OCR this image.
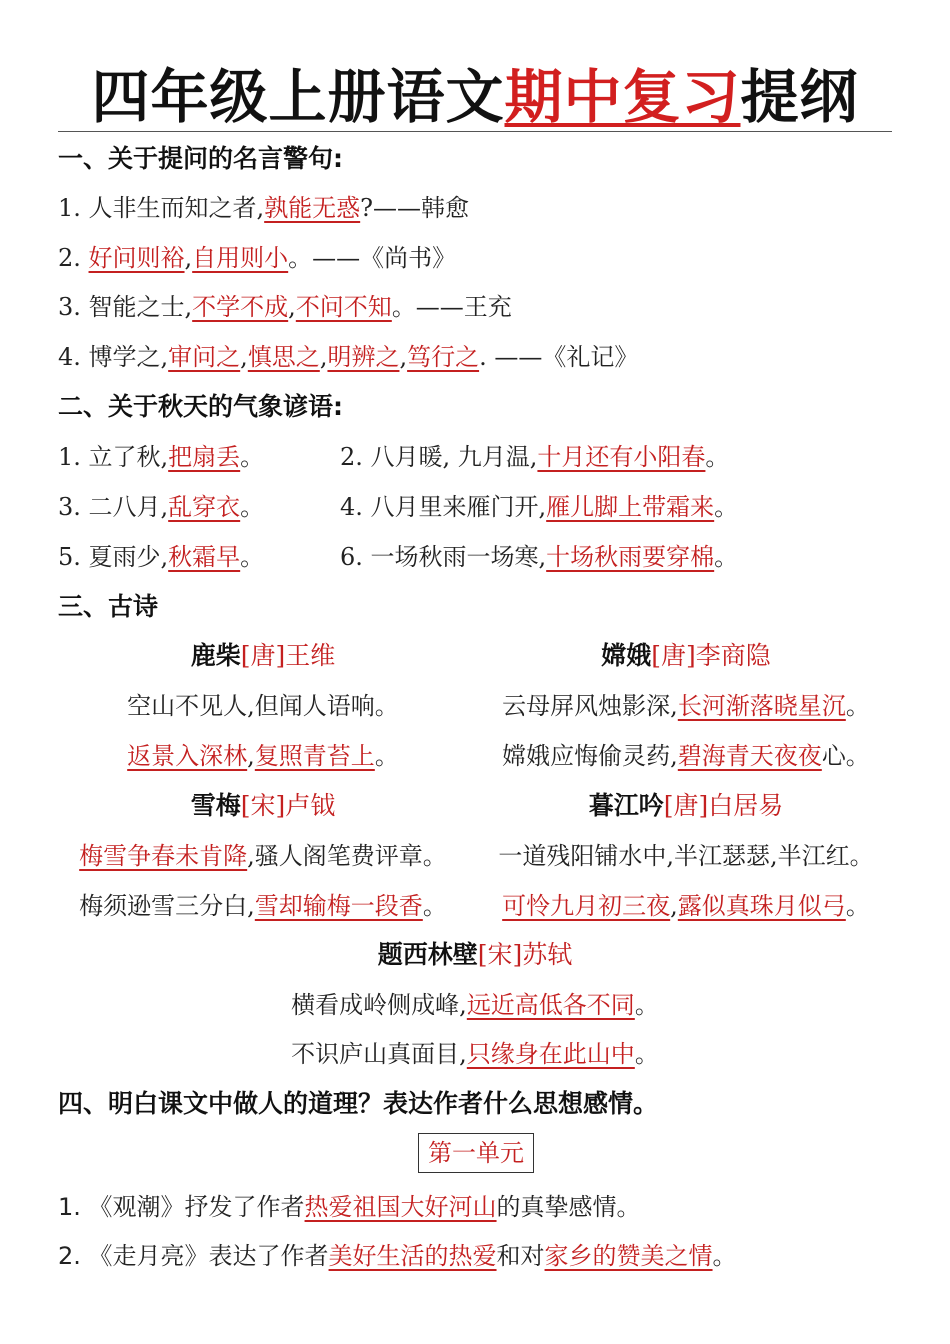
四年级上册语文期中复习提纲
一、关于提问的名言警句:
1. 人非生而知之者,孰能无惑?——韩愈
2. 好问则裕,自用则小。——《尚书》
3. 智能之士,不学不成,不问不知。——王充
4. 博学之,审问之,慎思之,明辨之,笃行之. ——《礼记》
二、关于秋天的气象谚语:
1. 立了秋,把扇丢。	2. 八月暖, 九月温,十月还有小阳春。
3. 二八月,乱穿衣。	4. 八月里来雁门开,雁儿脚上带霜来。
5. 夏雨少,秋霜早。	6. 一场秋雨一场寒,十场秋雨要穿棉。
三、古诗
鹿柴[唐]王维
空山不见人,但闻人语响。
返景入深林,复照青苔上。
嫦娥[唐]李商隐
云母屏风烛影深,长河渐落晓星沉。
嫦娥应悔偷灵药,碧海青天夜夜心。
雪梅[宋]卢钺
梅雪争春未肯降,骚人阁笔费评章。
梅须逊雪三分白,雪却输梅一段香。
暮江吟[唐]白居易
一道残阳铺水中,半江瑟瑟,半江红。
可怜九月初三夜,露似真珠月似弓。
题西林壁[宋]苏轼
横看成岭侧成峰,远近高低各不同。
不识庐山真面目,只缘身在此山中。
四、明白课文中做人的道理？表达作者什么思想感情。
第一单元
1. 《观潮》抒发了作者热爱祖国大好河山的真挚感情。
2. 《走月亮》表达了作者美好生活的热爱和对家乡的赞美之情。
